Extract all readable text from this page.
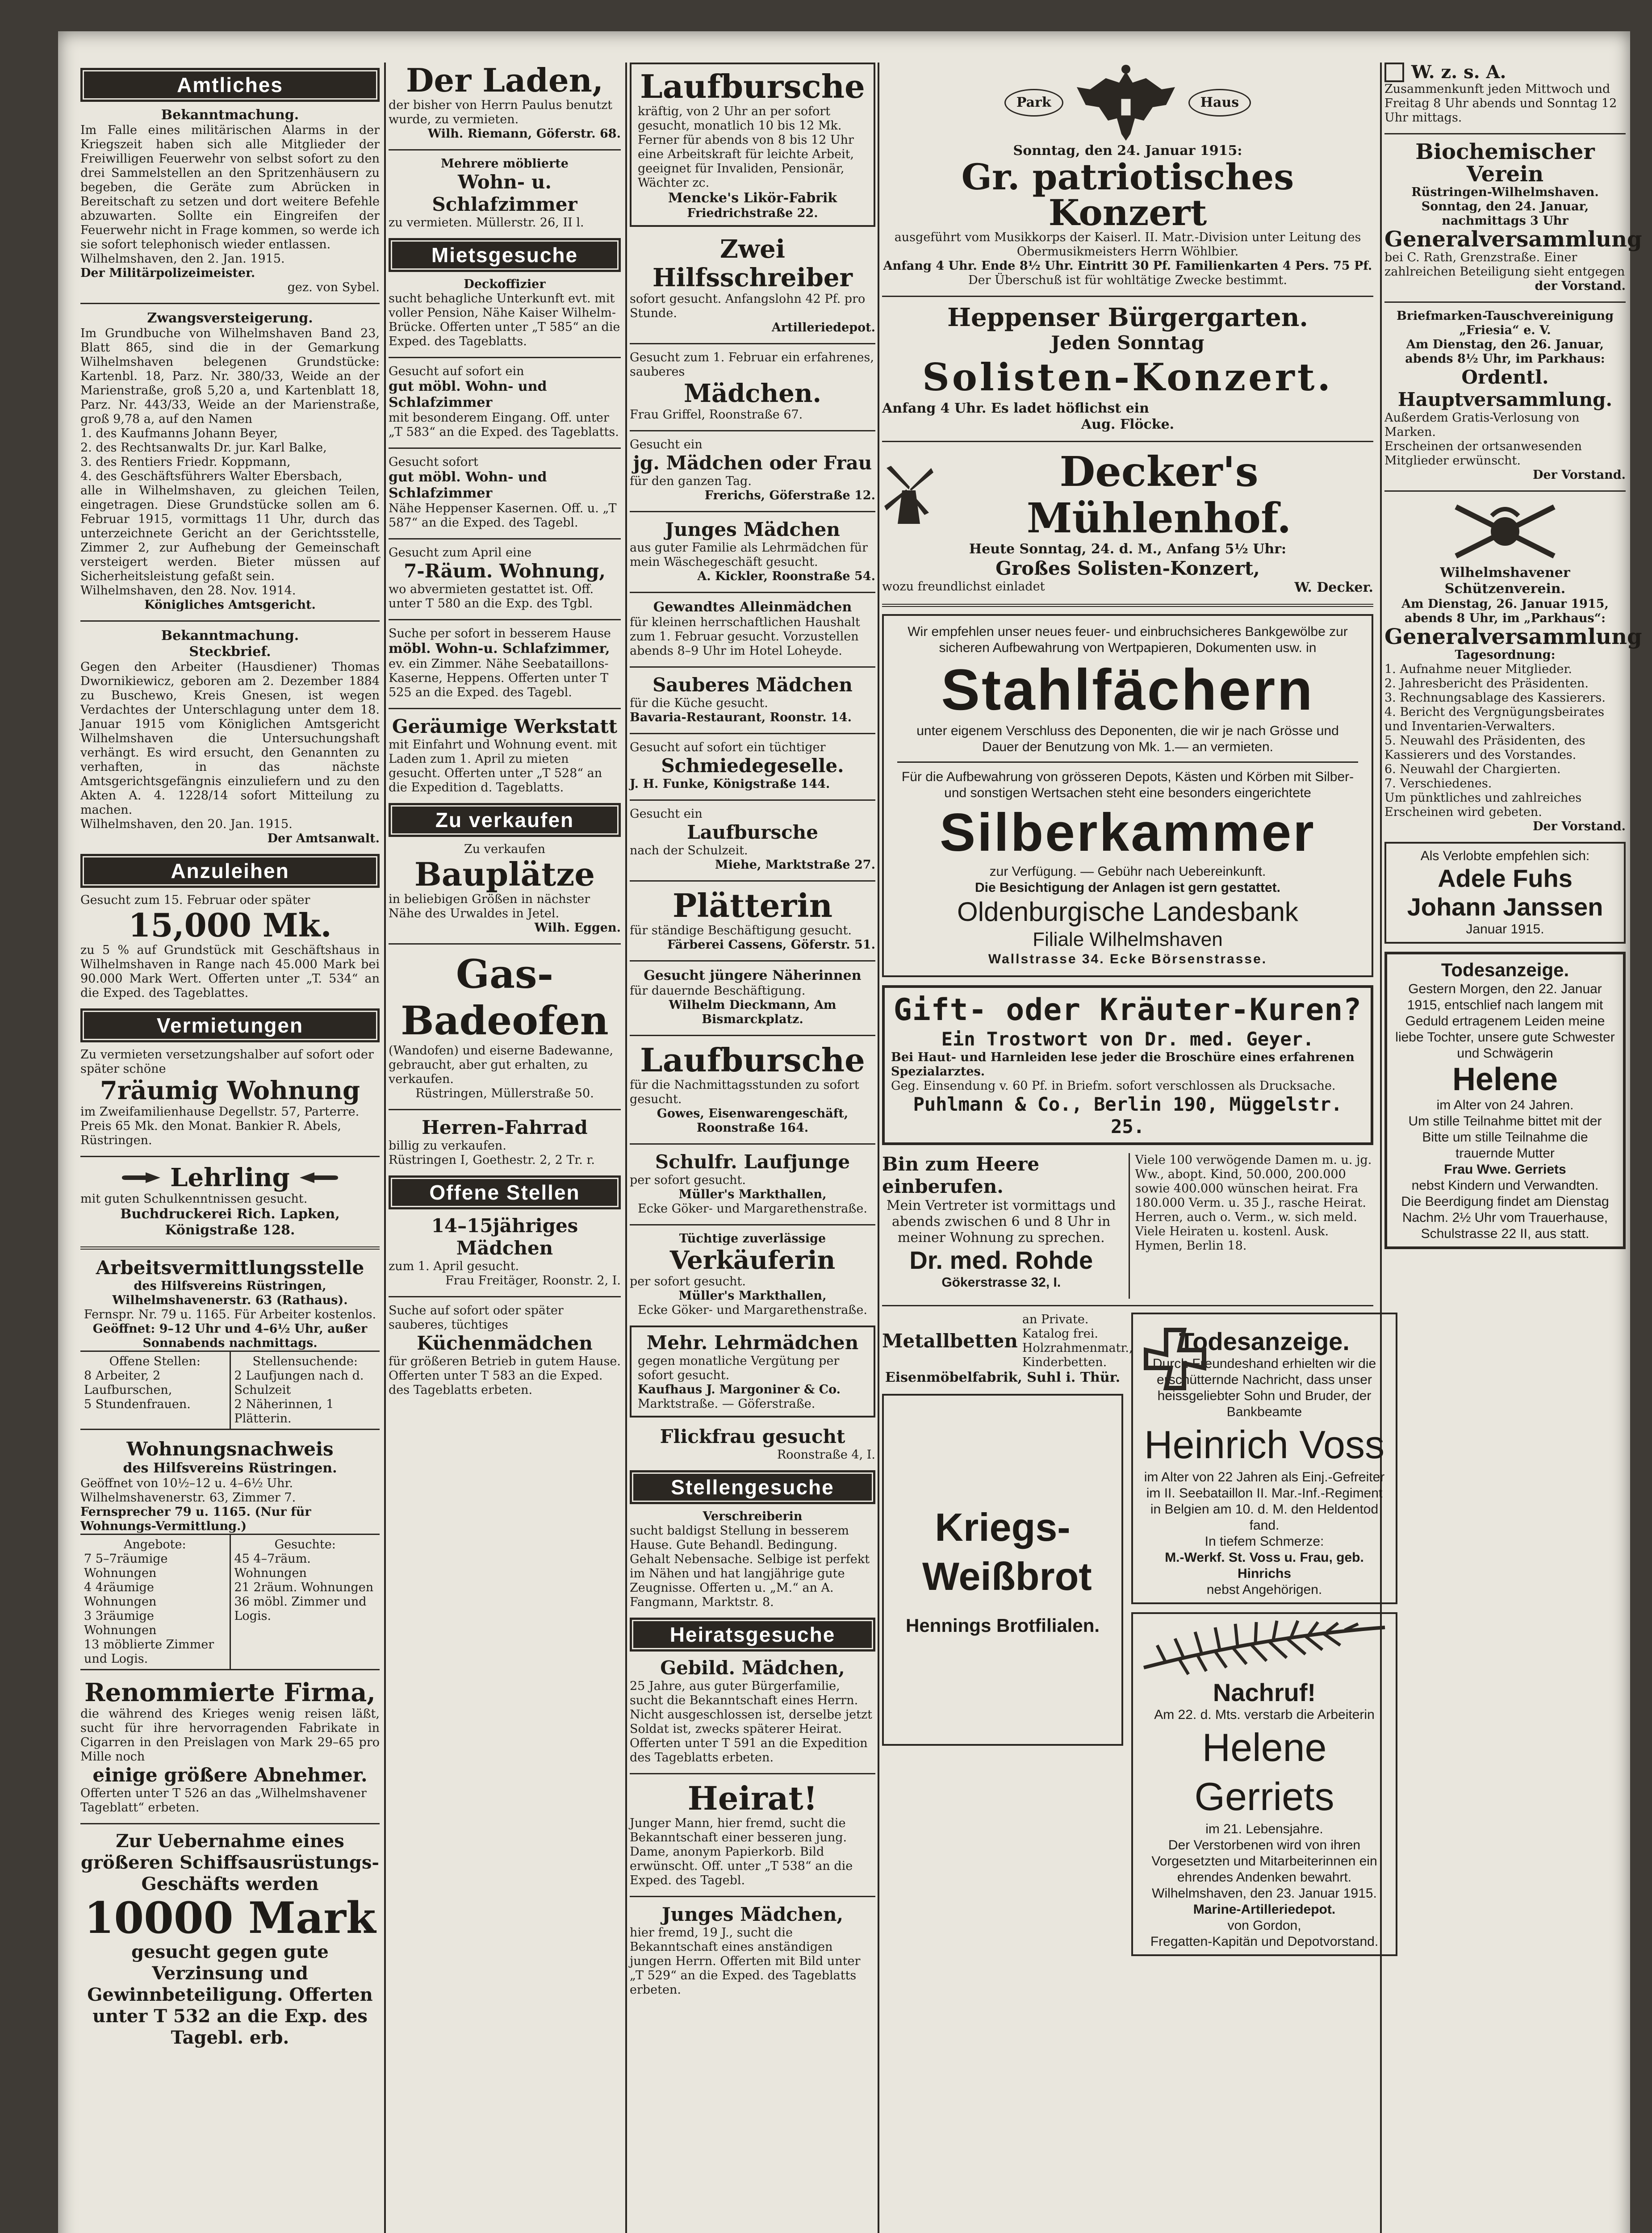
Amtliches

Bekanntmachung.

Im Falle eines militärischen Alarms in der Kriegszeit haben sich alle Mitglieder der Freiwilligen Feuerwehr von selbst sofort zu den drei Sammelstellen an den Spritzenhäusern zu begeben, die Geräte zum Abrücken in Bereitschaft zu setzen und dort weitere Befehle abzuwarten. Sollte ein Eingreifen der Feuerwehr nicht in Frage kommen, so werde ich sie sofort telephonisch wieder entlassen.

Wilhelmshaven, den 2. Jan. 1915.

Der Militärpolizeimeister.

gez. von Sybel.

Zwangsversteigerung.

Im Grundbuche von Wilhelmshaven Band 23, Blatt 865, sind die in der Gemarkung Wilhelmshaven belegenen Grundstücke: Kartenbl. 18, Parz. Nr. 380/33, Weide an der Marienstraße, groß 5,20 a, und Kartenblatt 18, Parz. Nr. 443/33, Weide an der Marienstraße, groß 9,78 a, auf den Namen

1. des Kaufmanns Johann Beyer,

2. des Rechtsanwalts Dr. jur. Karl Balke,

3. des Rentiers Friedr. Koppmann,

4. des Geschäftsführers Walter Ebersbach,

alle in Wilhelmshaven, zu gleichen Teilen, eingetragen. Diese Grundstücke sollen am 6. Februar 1915, vormittags 11 Uhr, durch das unterzeichnete Gericht an der Gerichtsstelle, Zimmer 2, zur Aufhebung der Gemeinschaft versteigert werden. Bieter müssen auf Sicherheitsleistung gefaßt sein.

Wilhelmshaven, den 28. Nov. 1914.

Königliches Amtsgericht.

Bekanntmachung.

Steckbrief.

Gegen den Arbeiter (Hausdiener) Thomas Dwornikiewicz, geboren am 2. Dezember 1884 zu Buschewo, Kreis Gnesen, ist wegen Verdachtes der Unterschlagung unter dem 18. Januar 1915 vom Königlichen Amtsgericht Wilhelmshaven die Untersuchungshaft verhängt. Es wird ersucht, den Genannten zu verhaften, in das nächste Amtsgerichtsgefängnis einzuliefern und zu den Akten A. 4. 1228/14 sofort Mitteilung zu machen.

Wilhelmshaven, den 20. Jan. 1915.

Der Amtsanwalt.

Anzuleihen

Gesucht zum 15. Februar oder später

15,000 Mk.

zu 5 % auf Grundstück mit Geschäftshaus in Wilhelmshaven in Range nach 45.000 Mark bei 90.000 Mark Wert. Offerten unter „T. 534“ an die Exped. des Tageblattes.

Vermietungen

Zu vermieten versetzungshalber auf sofort oder später schöne

7räumig Wohnung

im Zweifamilienhause Degellstr. 57, Parterre. Preis 65 Mk. den Monat. Bankier R. Abels, Rüstringen.

Lehrling

mit guten Schulkenntnissen gesucht.

Buchdruckerei Rich. Lapken, Königstraße 128.

Arbeitsvermittlungsstelle

des Hilfsvereins Rüstringen, Wilhelmshavenerstr. 63 (Rathaus).

Fernspr. Nr. 79 u. 1165. Für Arbeiter kostenlos.

Geöffnet: 9–12 Uhr und 4–6½ Uhr, außer Sonnabends nachmittags.

Offene Stellen:

8 Arbeiter, 2 Laufburschen,

5 Stundenfrauen.

Stellensuchende:

2 Laufjungen nach d. Schulzeit

2 Näherinnen, 1 Plätterin.

Wohnungsnachweis

des Hilfsvereins Rüstringen.

Geöffnet von 10½–12 u. 4–6½ Uhr. Wilhelmshavenerstr. 63, Zimmer 7.

Fernsprecher 79 u. 1165. (Nur für Wohnungs-Vermittlung.)

Angebote:

7 5–7räumige Wohnungen

4 4räumige Wohnungen

3 3räumige Wohnungen

13 möblierte Zimmer und Logis.

Gesuchte:

45 4–7räum. Wohnungen

21 2räum. Wohnungen

36 möbl. Zimmer und Logis.

Renommierte Firma,

die während des Krieges wenig reisen läßt, sucht für ihre hervorragenden Fabrikate in Cigarren in den Preislagen von Mark 29–65 pro Mille noch

einige größere Abnehmer.

Offerten unter T 526 an das „Wilhelmshavener Tageblatt“ erbeten.

Zur Uebernahme eines größeren Schiffsausrüstungs-Geschäfts werden

10000 Mark

gesucht gegen gute Verzinsung und Gewinnbeteiligung. Offerten unter T 532 an die Exp. des Tagebl. erb.

Der Laden,

der bisher von Herrn Paulus benutzt wurde, zu vermieten.

Wilh. Riemann, Göferstr. 68.

Mehrere möblierte

Wohn- u. Schlafzimmer

zu vermieten. Müllerstr. 26, II l.

Mietsgesuche

Deckoffizier

sucht behagliche Unterkunft evt. mit voller Pension, Nähe Kaiser Wilhelm-Brücke. Offerten unter „T 585“ an die Exped. des Tageblatts.

Gesucht auf sofort ein

gut möbl. Wohn- und Schlafzimmer

mit besonderem Eingang. Off. unter „T 583“ an die Exped. des Tageblatts.

Gesucht sofort

gut möbl. Wohn- und Schlafzimmer

Nähe Heppenser Kasernen. Off. u. „T 587“ an die Exped. des Tagebl.

Gesucht zum April eine

7-Räum. Wohnung,

wo abvermieten gestattet ist. Off. unter T 580 an die Exp. des Tgbl.

Suche per sofort in besserem Hause

möbl. Wohn-u. Schlafzimmer,

ev. ein Zimmer. Nähe Seebataillons-Kaserne, Heppens. Offerten unter T 525 an die Exped. des Tagebl.

Geräumige Werkstatt

mit Einfahrt und Wohnung event. mit Laden zum 1. April zu mieten gesucht. Offerten unter „T 528“ an die Expedition d. Tageblatts.

Zu verkaufen

Zu verkaufen

Bauplätze

in beliebigen Größen in nächster Nähe des Urwaldes in Jetel.

Wilh. Eggen.

Gas-Badeofen

(Wandofen) und eiserne Badewanne, gebraucht, aber gut erhalten, zu verkaufen.

Rüstringen, Müllerstraße 50.

Herren-Fahrrad

billig zu verkaufen.

Rüstringen I, Goethestr. 2, 2 Tr. r.

Offene Stellen

14–15jähriges Mädchen

zum 1. April gesucht.

Frau Freitäger, Roonstr. 2, I.

Suche auf sofort oder später sauberes, tüchtiges

Küchenmädchen

für größeren Betrieb in gutem Hause. Offerten unter T 583 an die Exped. des Tageblatts erbeten.

Laufbursche

kräftig, von 2 Uhr an per sofort gesucht, monatlich 10 bis 12 Mk. Ferner für abends von 8 bis 12 Uhr eine Arbeitskraft für leichte Arbeit, geeignet für Invaliden, Pensionär, Wächter zc.

Mencke's Likör-Fabrik

Friedrichstraße 22.

Zwei Hilfsschreiber

sofort gesucht. Anfangslohn 42 Pf. pro Stunde.

Artilleriedepot.

Gesucht zum 1. Februar ein erfahrenes, sauberes

Mädchen.

Frau Griffel, Roonstraße 67.

Gesucht ein

jg. Mädchen oder Frau

für den ganzen Tag.

Frerichs, Göferstraße 12.

Junges Mädchen

aus guter Familie als Lehrmädchen für mein Wäschegeschäft gesucht.

A. Kickler, Roonstraße 54.

Gewandtes Alleinmädchen

für kleinen herrschaftlichen Haushalt zum 1. Februar gesucht. Vorzustellen abends 8–9 Uhr im Hotel Loheyde.

Sauberes Mädchen

für die Küche gesucht.

Bavaria-Restaurant, Roonstr. 14.

Gesucht auf sofort ein tüchtiger

Schmiedegeselle.

J. H. Funke, Königstraße 144.

Gesucht ein

Laufbursche

nach der Schulzeit.

Miehe, Marktstraße 27.

Plätterin

für ständige Beschäftigung gesucht.

Färberei Cassens, Göferstr. 51.

Gesucht jüngere Näherinnen

für dauernde Beschäftigung.

Wilhelm Dieckmann, Am Bismarckplatz.

Laufbursche

für die Nachmittagsstunden zu sofort gesucht.

Gowes, Eisenwarengeschäft, Roonstraße 164.

Schulfr. Laufjunge

per sofort gesucht.

Müller's Markthallen,

Ecke Göker- und Margarethenstraße.

Tüchtige zuverlässige

Verkäuferin

per sofort gesucht.

Müller's Markthallen,

Ecke Göker- und Margarethenstraße.

Mehr. Lehrmädchen

gegen monatliche Vergütung per sofort gesucht.

Kaufhaus J. Margoniner & Co.

Marktstraße. — Göferstraße.

Flickfrau gesucht

Roonstraße 4, I.

Stellengesuche

Verschreiberin

sucht baldigst Stellung in besserem Hause. Gute Behandl. Bedingung. Gehalt Nebensache. Selbige ist perfekt im Nähen und hat langjährige gute Zeugnisse. Offerten u. „M.“ an A. Fangmann, Marktstr. 8.

Heiratsgesuche

Gebild. Mädchen,

25 Jahre, aus guter Bürgerfamilie, sucht die Bekanntschaft eines Herrn. Nicht ausgeschlossen ist, derselbe jetzt Soldat ist, zwecks späterer Heirat. Offerten unter T 591 an die Expedition des Tageblatts erbeten.

Heirat!

Junger Mann, hier fremd, sucht die Bekanntschaft einer besseren jung. Dame, anonym Papierkorb. Bild erwünscht. Off. unter „T 538“ an die Exped. des Tagebl.

Junges Mädchen,

hier fremd, 19 J., sucht die Bekanntschaft eines anständigen jungen Herrn. Offerten mit Bild unter „T 529“ an die Exped. des Tageblatts erbeten.

Park	Haus

Sonntag, den 24. Januar 1915:

Gr. patriotisches Konzert

ausgeführt vom Musikkorps der Kaiserl. II. Matr.-Division unter Leitung des Obermusikmeisters Herrn Wöhlbier.

Anfang 4 Uhr. Ende 8½ Uhr. Eintritt 30 Pf. Familienkarten 4 Pers. 75 Pf.

Der Überschuß ist für wohltätige Zwecke bestimmt.

Heppenser Bürgergarten.

Jeden Sonntag

Solisten-Konzert.

Anfang 4 Uhr. Es ladet höflichst ein

Aug. Flöcke.

Decker's Mühlenhof.

Heute Sonntag, 24. d. M., Anfang 5½ Uhr:

Großes Solisten-Konzert,

wozu freundlichst einladet	W. Decker.

Wir empfehlen unser neues feuer- und einbruchsicheres Bankgewölbe zur sicheren Aufbewahrung von Wertpapieren, Dokumenten usw. in

Stahlfächern

unter eigenem Verschluss des Deponenten, die wir je nach Grösse und Dauer der Benutzung von Mk. 1.— an vermieten.

Für die Aufbewahrung von grösseren Depots, Kästen und Körben mit Silber- und sonstigen Wertsachen steht eine besonders eingerichtete

Silberkammer

zur Verfügung. — Gebühr nach Uebereinkunft.

Die Besichtigung der Anlagen ist gern gestattet.

Oldenburgische Landesbank

Filiale Wilhelmshaven

Wallstrasse 34. Ecke Börsenstrasse.

Gift- oder Kräuter-Kuren?

Ein Trostwort von Dr. med. Geyer.

Bei Haut- und Harnleiden lese jeder die Broschüre eines erfahrenen Spezialarztes.

Geg. Einsendung v. 60 Pf. in Briefm. sofort verschlossen als Drucksache.

Puhlmann & Co., Berlin 190, Müggelstr. 25.

Bin zum Heere einberufen.

Mein Vertreter ist vormittags und abends zwischen 6 und 8 Uhr in meiner Wohnung zu sprechen.

Dr. med. Rohde

Gökerstrasse 32, I.

Viele 100 verwögende Damen m. u. jg. Ww., abopt. Kind, 50.000, 200.000 sowie 400.000 wünschen heirat. Fra 180.000 Verm. u. 35 J., rasche Heirat. Herren, auch o. Verm., w. sich meld. Viele Heiraten u. kostenl. Ausk. Hymen, Berlin 18.

Metallbetten

an Private. Katalog frei. Holzrahmenmatr., Kinderbetten.

Eisenmöbelfabrik, Suhl i. Thür.

Kriegs-Weißbrot

Hennings Brotfilialen.

Todesanzeige.

Durch Freundeshand erhielten wir die erschütternde Nachricht, dass unser heissgeliebter Sohn und Bruder, der Bankbeamte

Heinrich Voss

im Alter von 22 Jahren als Einj.-Gefreiter im II. Seebataillon II. Mar.-Inf.-Regiment in Belgien am 10. d. M. den Heldentod fand.

In tiefem Schmerze:

M.-Werkf. St. Voss u. Frau, geb. Hinrichs

nebst Angehörigen.

Nachruf!

Am 22. d. Mts. verstarb die Arbeiterin

Helene Gerriets

im 21. Lebensjahre.

Der Verstorbenen wird von ihren Vorgesetzten und Mitarbeiterinnen ein ehrendes Andenken bewahrt.

Wilhelmshaven, den 23. Januar 1915.

Marine-Artilleriedepot.

von Gordon,

Fregatten-Kapitän und Depotvorstand.

W. z. s. A.

Zusammenkunft jeden Mittwoch und Freitag 8 Uhr abends und Sonntag 12 Uhr mittags.

Biochemischer Verein

Rüstringen-Wilhelmshaven.

Sonntag, den 24. Januar, nachmittags 3 Uhr

Generalversammlung

bei C. Rath, Grenzstraße. Einer zahlreichen Beteiligung sieht entgegen

der Vorstand.

Briefmarken-Tauschvereinigung „Friesia“ e. V.

Am Dienstag, den 26. Januar, abends 8½ Uhr, im Parkhaus:

Ordentl. Hauptversammlung.

Außerdem Gratis-Verlosung von Marken.

Erscheinen der ortsanwesenden Mitglieder erwünscht.

Der Vorstand.

Wilhelmshavener Schützenverein.

Am Dienstag, 26. Januar 1915, abends 8 Uhr, im „Parkhaus“:

Generalversammlung

Tagesordnung:

1. Aufnahme neuer Mitglieder.

2. Jahresbericht des Präsidenten.

3. Rechnungsablage des Kassierers.

4. Bericht des Vergnügungsbeirates und Inventarien-Verwalters.

5. Neuwahl des Präsidenten, des Kassierers und des Vorstandes.

6. Neuwahl der Chargierten.

7. Verschiedenes.

Um pünktliches und zahlreiches Erscheinen wird gebeten.

Der Vorstand.

Als Verlobte empfehlen sich:

Adele Fuhs

Johann Janssen

Januar 1915.

Todesanzeige.

Gestern Morgen, den 22. Januar 1915, entschlief nach langem mit Geduld ertragenem Leiden meine liebe Tochter, unsere gute Schwester und Schwägerin

Helene

im Alter von 24 Jahren.

Um stille Teilnahme bittet mit der Bitte um stille Teilnahme die trauernde Mutter

Frau Wwe. Gerriets

nebst Kindern und Verwandten.

Die Beerdigung findet am Dienstag Nachm. 2½ Uhr vom Trauerhause, Schulstrasse 22 II, aus statt.
